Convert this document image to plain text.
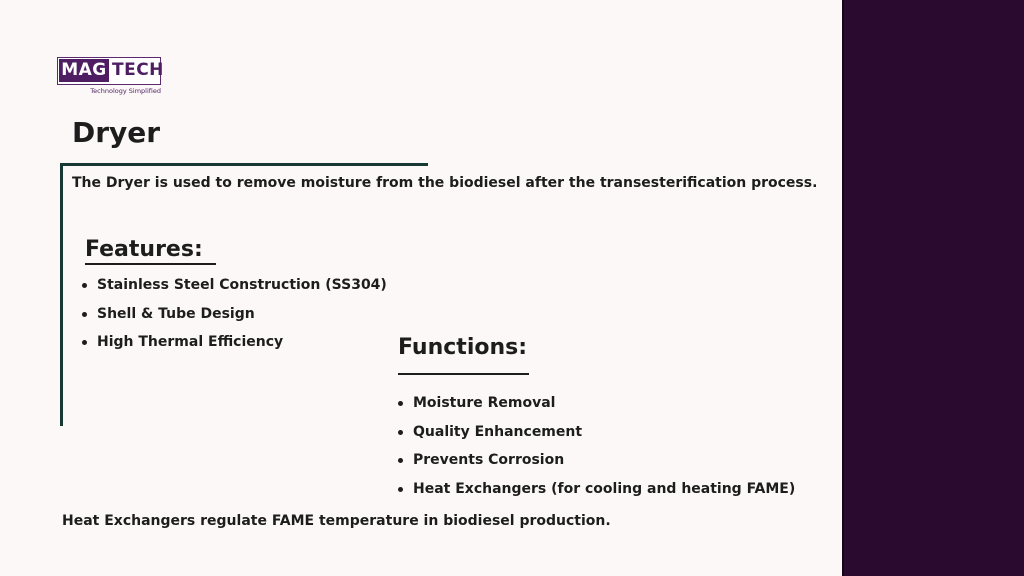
MAG TECH
Technology Simplified
Dryer

The Dryer is used to remove moisture from the biodiesel after the transesterification process.

Features:
Stainless Steel Construction (SS304)
Shell & Tube Design
High Thermal Efficiency	Functions:
Moisture Removal
Quality Enhancement
Prevents Corrosion
Heat Exchangers (for cooling and heating FAME)

Heat Exchangers regulate FAME temperature in biodiesel production.
